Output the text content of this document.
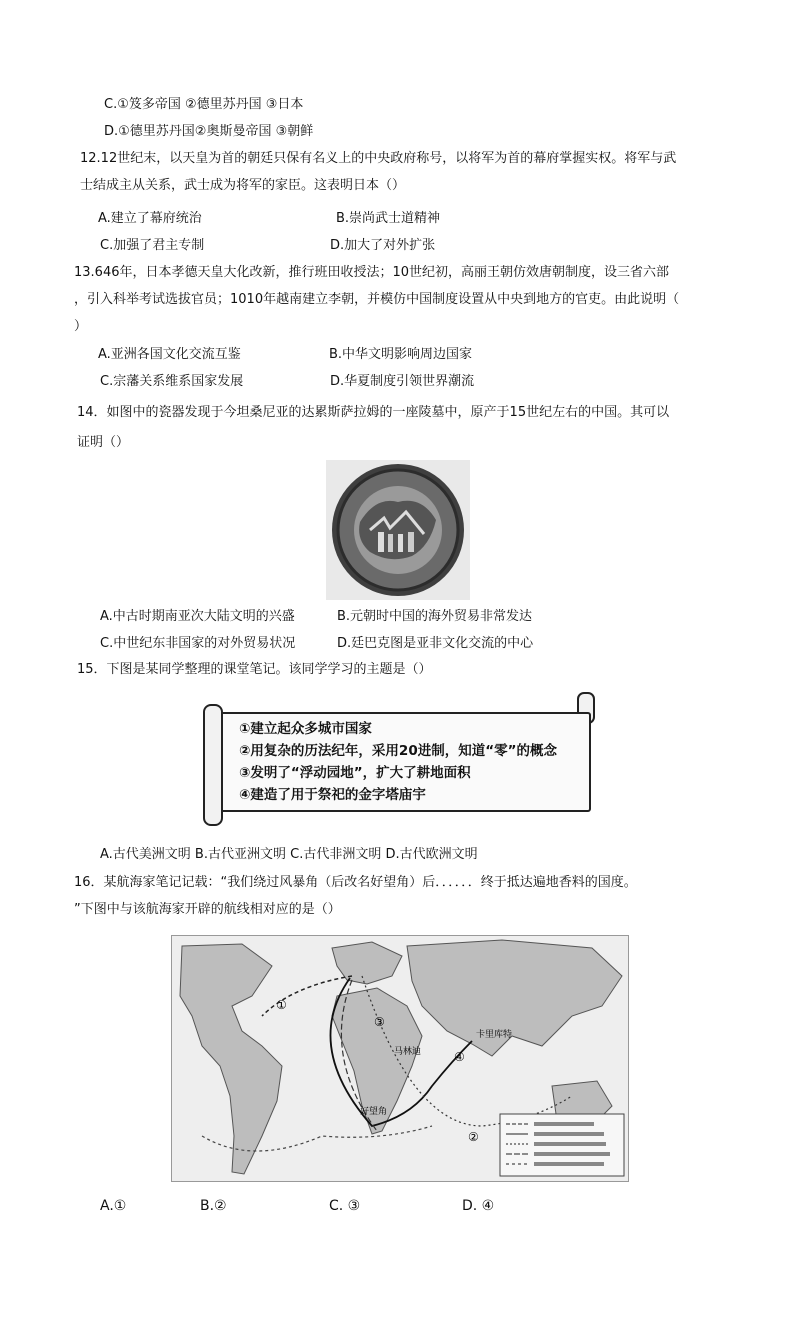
C.①笈多帝国 ②德里苏丹国 ③日本
D.①德里苏丹国②奥斯曼帝国 ③朝鲜
12.12世纪末，以天皇为首的朝廷只保有名义上的中央政府称号，以将军为首的幕府掌握实权。将军与武
士结成主从关系，武士成为将军的家臣。这表明日本（）
A.建立了幕府统治	B.崇尚武士道精神
C.加强了君主专制	D.加大了对外扩张
13.646年，日本孝德天皇大化改新，推行班田收授法；10世纪初，高丽王朝仿效唐朝制度，设三省六部
，引入科举考试选拔官员；1010年越南建立李朝，并模仿中国制度设置从中央到地方的官吏。由此说明（
）
A.亚洲各国文化交流互鉴	B.中华文明影响周边国家
C.宗藩关系维系国家发展	D.华夏制度引领世界潮流
14．如图中的瓷器发现于今坦桑尼亚的达累斯萨拉姆的一座陵墓中，原产于15世纪左右的中国。其可以
证明（）
A.中古时期南亚次大陆文明的兴盛	B.元朝时中国的海外贸易非常发达
C.中世纪东非国家的对外贸易状况	D.廷巴克图是亚非文化交流的中心
15．下图是某同学整理的课堂笔记。该同学学习的主题是（）
①建立起众多城市国家
②用复杂的历法纪年，采用20进制，知道“零”的概念
③发明了“浮动园地”，扩大了耕地面积
④建造了用于祭祀的金字塔庙宇
A.古代美洲文明 B.古代亚洲文明 C.古代非洲文明 D.古代欧洲文明
16．某航海家笔记记载：“我们绕过风暴角（后改名好望角）后．．．．．．终于抵达遍地香料的国度。
”下图中与该航海家开辟的航线相对应的是（）
好望角
马林迪
卡里库特
①
②
③
④
A.①	B.②	C. ③	D. ④
